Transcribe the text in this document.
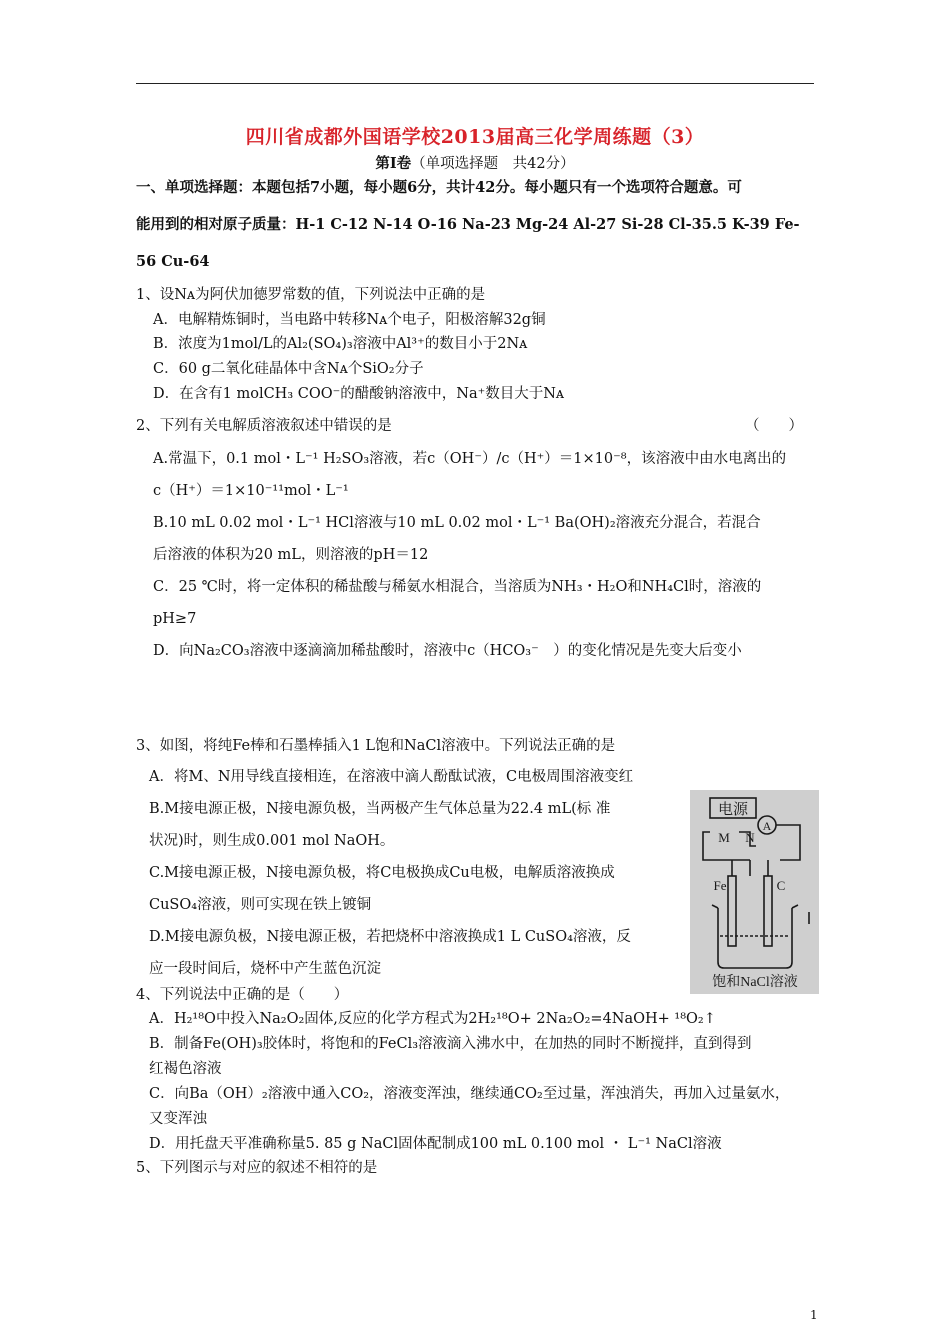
四川省成都外国语学校2013届高三化学周练题（3）
第Ⅰ卷（单项选择题　共42分）
一、单项选择题：本题包括7小题，每小题6分，共计42分。每小题只有一个选项符合题意。可
能用到的相对原子质量：H-1 C-12 N-14 O-16 Na-23 Mg-24 Al-27 Si-28 Cl-35.5 K-39 Fe-
56 Cu-64
1、设Nᴀ为阿伏加德罗常数的值，下列说法中正确的是
A．电解精炼铜时，当电路中转移Nᴀ个电子，阳极溶解32g铜
B．浓度为1mol/L的Al₂(SO₄)₃溶液中Al³⁺的数目小于2Nᴀ
C．60 g二氧化硅晶体中含Nᴀ个SiO₂分子
D．在含有1 molCH₃ COO⁻的醋酸钠溶液中，Na⁺数目大于Nᴀ
2、下列有关电解质溶液叙述中错误的是	（　　）
A.常温下，0.1 mol・L⁻¹ H₂SO₃溶液，若c（OH⁻）/c（H⁺）＝1×10⁻⁸，该溶液中由水电离出的
c（H⁺）＝1×10⁻¹¹mol・L⁻¹
B.10 mL 0.02 mol・L⁻¹ HCl溶液与10 mL 0.02 mol・L⁻¹ Ba(OH)₂溶液充分混合，若混合
后溶液的体积为20 mL，则溶液的pH＝12
C．25 ℃时，将一定体积的稀盐酸与稀氨水相混合，当溶质为NH₃・H₂O和NH₄Cl时，溶液的
pH≥7
D．向Na₂CO₃溶液中逐滴滴加稀盐酸时，溶液中c（HCO₃⁻　）的变化情况是先变大后变小
3、如图，将纯Fe棒和石墨棒插入1 L饱和NaCl溶液中。下列说法正确的是
A．将M、N用导线直接相连，在溶液中滴人酚酞试液，C电极周围溶液变红
B.M接电源正极，N接电源负极，当两极产生气体总量为22.4 mL(标 准
状况)时，则生成0.001 mol NaOH。
C.M接电源正极，N接电源负极，将C电极换成Cu电极，电解质溶液换成
CuSO₄溶液，则可实现在铁上镀铜
D.M接电源负极，N接电源正极，若把烧杯中溶液换成1 L CuSO₄溶液，反
应一段时间后，烧杯中产生蓝色沉淀
电源
M N
A
Fe	C
饱和NaCl溶液
4、下列说法中正确的是（　　）
A．H₂¹⁸O中投入Na₂O₂固体,反应的化学方程式为2H₂¹⁸O+ 2Na₂O₂=4NaOH+ ¹⁸O₂↑
B．制备Fe(OH)₃胶体时，将饱和的FeCl₃溶液滴入沸水中，在加热的同时不断搅拌，直到得到
红褐色溶液
C．向Ba（OH）₂溶液中通入CO₂，溶液变浑浊，继续通CO₂至过量，浑浊消失，再加入过量氨水，
又变浑浊
D．用托盘天平准确称量5. 85 g NaCl固体配制成100 mL 0.100 mol ・ L⁻¹ NaCl溶液
5、下列图示与对应的叙述不相符的是
1
